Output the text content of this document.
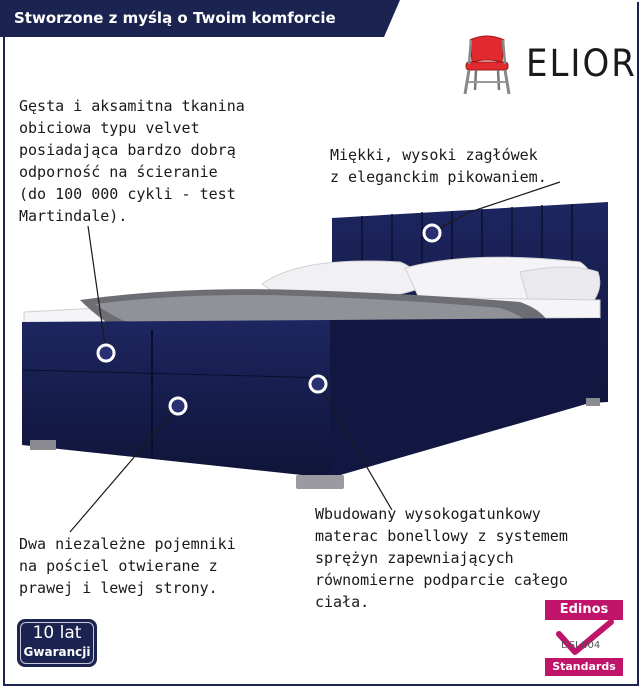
Stworzone z myślą o Twoim komforcie
ELIOR
Gęsta i aksamitna tkanina
obiciowa typu velvet
posiadająca bardzo dobrą
odporność na ścieranie
(do 100 000 cykli - test
Martindale).
Miękki, wysoki zagłówek
z eleganckim pikowaniem.
Dwa niezależne pojemniki
na pościel otwierane z
prawej i lewej strony.
Wbudowany wysokogatunkowy
materac bonellowy z systemem
sprężyn zapewniających
równomierne podparcie całego
ciała.
10 lat
Gwarancji
Edinos
DSI 804
Standards
